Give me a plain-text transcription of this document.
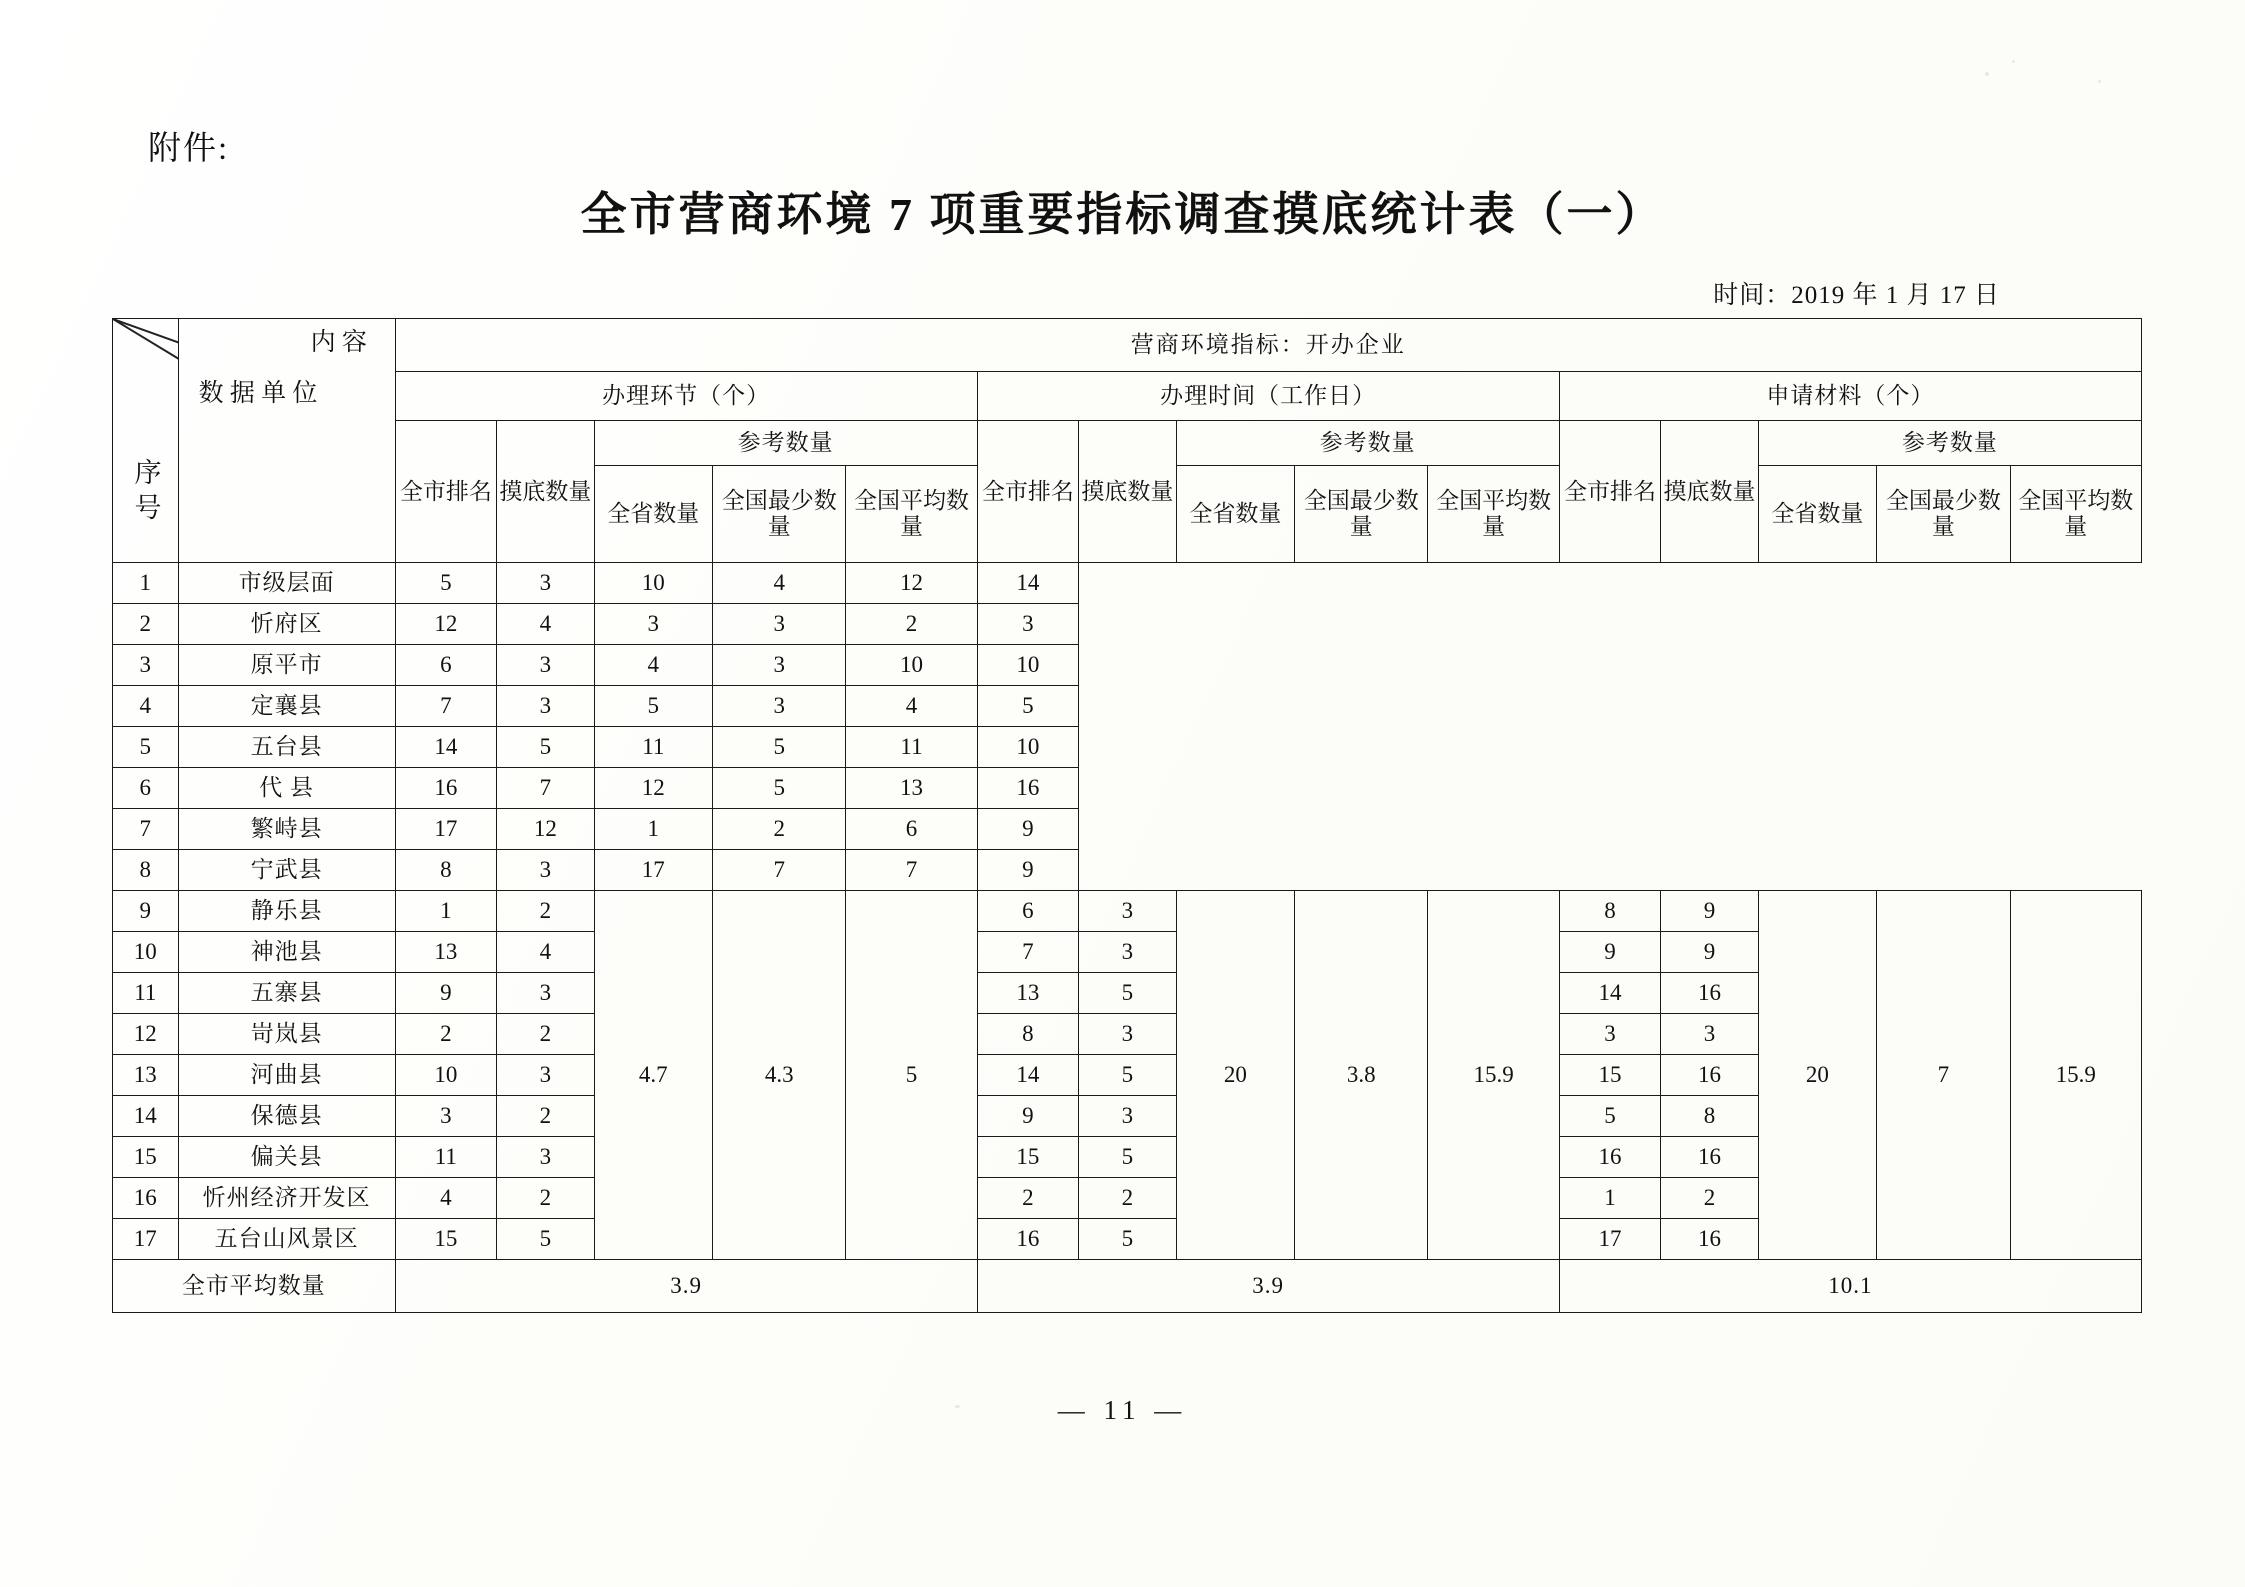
附件:
全市营商环境 7 项重要指标调查摸底统计表（一）
时间：2019 年 1 月 17 日
序 号	内 容
数 据 单 位	营商环境指标：开办企业														
		办理环节（个）					办理时间（工作日）					申请材料（个）				

		全市排名	摸底数量	参考数量			全市排名	摸底数量	参考数量			全市排名	摸底数量	参考数量		
				全省数量	全国最少数量	全国平均数量			全省数量	全国最少数量	全国平均数量			全省数量	全国最少数量	全国平均数量
1	市级层面	5	3	10	4	12	14									
2	忻府区	12	4	3	3	2	3									
3	原平市	6	3	4	3	10	10									
4	定襄县	7	3	5	3	4	5									
5	五台县	14	5	11	5	11	10									
6	代 县	16	7	12	5	13	16									
7	繁峙县	17	12	1	2	6	9									
8	宁武县	8	3	17	7	7	9									
9	静乐县	1	2	4.7	4.3	5	6	3	20	3.8	15.9	8	9	20	7	15.9
10	神池县	13	4				7	3				9	9			
11	五寨县	9	3				13	5				14	16			
12	岢岚县	2	2				8	3				3	3			
13	河曲县	10	3				14	5				15	16			
14	保德县	3	2				9	3				5	8			
15	偏关县	11	3				15	5				16	16			
16	忻州经济开发区	4	2				2	2				1	2			
17	五台山风景区	15	5				16	5				17	16			
全市平均数量		3.9					3.9					10.1				
— 11 —
